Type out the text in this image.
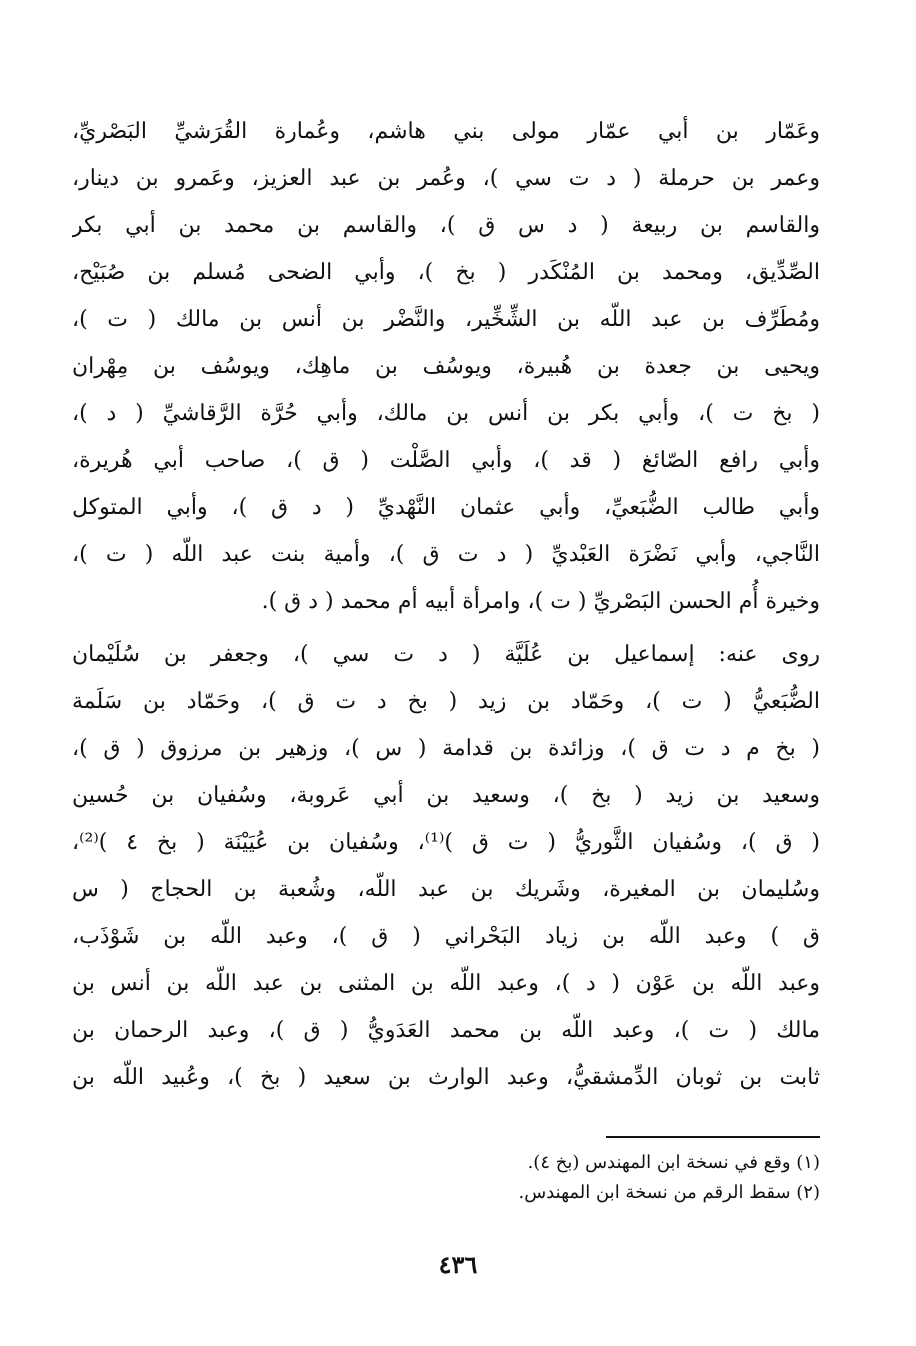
وعَمّار بن أبي عمّار مولى بني هاشم، وعُمارة القُرَشيِّ البَصْريِّ،
وعمر بن حرملة ( د ت سي )، وعُمر بن عبد العزيز، وعَمرو بن دينار،
والقاسم بن ربيعة ( د س ق )، والقاسم بن محمد بن أبي بكر
الصِّدِّيق، ومحمد بن المُنْكَدر ( بخ )، وأبي الضحى مُسلم بن صُبَيْح،
ومُطَرِّف بن عبد اللّه بن الشِّخِّير، والنَّضْر بن أنس بن مالك ( ت )،
ويحيى بن جعدة بن هُبيرة، ويوسُف بن ماهِك، ويوسُف بن مِهْران
( بخ ت )، وأبي بكر بن أنس بن مالك، وأبي حُرَّة الرَّقاشيِّ ( د )،
وأبي رافع الصّائغ ( قد )، وأبي الصَّلْت ( ق )، صاحب أبي هُريرة،
وأبي طالب الضُّبَعيِّ، وأبي عثمان النَّهْديِّ ( د ق )، وأبي المتوكل
النَّاجي، وأبي نَضْرَة العَبْديِّ ( د ت ق )، وأمية بنت عبد اللّه ( ت )،
وخيرة أُم الحسن البَصْريِّ ( ت )، وامرأة أبيه أم محمد ( د ق ).
روى عنه: إسماعيل بن عُلَيَّة ( د ت سي )، وجعفر بن سُلَيْمان
الضُّبَعيُّ ( ت )، وحَمّاد بن زيد ( بخ د ت ق )، وحَمّاد بن سَلَمة
( بخ م د ت ق )، وزائدة بن قدامة ( س )، وزهير بن مرزوق ( ق )،
وسعيد بن زيد ( بخ )، وسعيد بن أبي عَروبة، وسُفيان بن حُسين
( ق )، وسُفيان الثَّوريُّ ( ت ق )⁽¹⁾، وسُفيان بن عُيَيْنَة ( بخ ٤ )⁽²⁾،
وسُليمان بن المغيرة، وشَريك بن عبد اللّه، وشُعبة بن الحجاج ( س
ق ) وعبد اللّه بن زياد البَحْراني ( ق )، وعبد اللّه بن شَوْذَب،
وعبد اللّه بن عَوْن ( د )، وعبد اللّه بن المثنى بن عبد اللّه بن أنس بن
مالك ( ت )، وعبد اللّه بن محمد العَدَويُّ ( ق )، وعبد الرحمان بن
ثابت بن ثوبان الدِّمشقيُّ، وعبد الوارث بن سعيد ( بخ )، وعُبيد اللّه بن
(١) وقع في نسخة ابن المهندس (بخ ٤).
(٢) سقط الرقم من نسخة ابن المهندس.
٤٣٦
